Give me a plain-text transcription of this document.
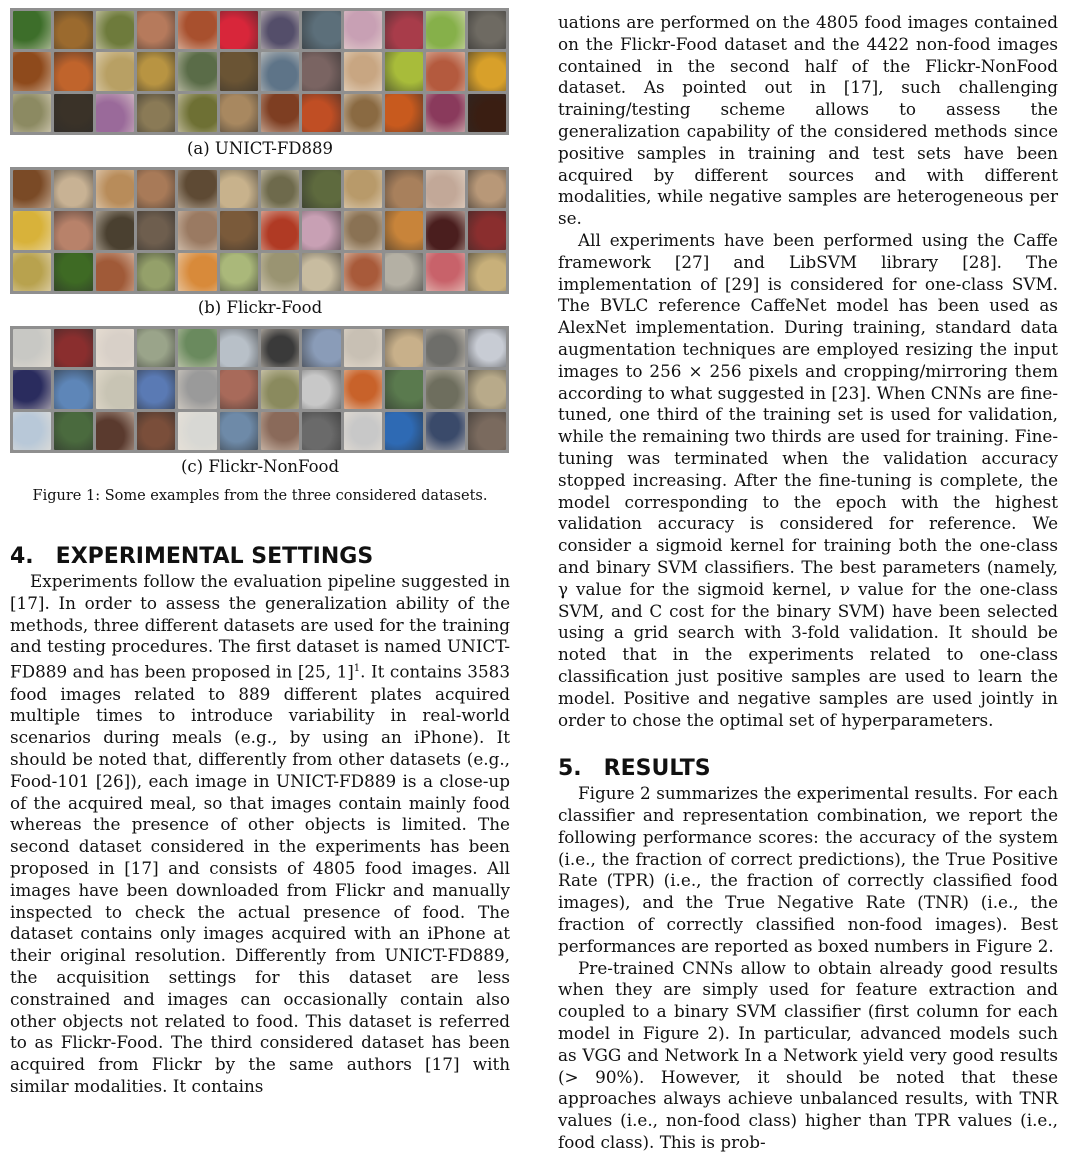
(a) UNICT-FD889
(b) Flickr-Food
(c) Flickr-NonFood
Figure 1: Some examples from the three considered datasets.
4. EXPERIMENTAL SETTINGS

Experiments follow the evaluation pipeline suggested in [17]. In order to assess the generalization ability of the methods, three different datasets are used for the training and testing procedures. The first dataset is named UNICT-FD889 and has been proposed in [25, 1]$^1$. It contains 3583 food images related to 889 different plates acquired multiple times to introduce variability in real-world scenarios during meals (e.g., by using an iPhone). It should be noted that, differently from other datasets (e.g., Food-101 [26]), each image in UNICT-FD889 is a close-up of the acquired meal, so that images contain mainly food whereas the presence of other objects is limited. The second dataset considered in the experiments has been proposed in [17] and consists of 4805 food images. All images have been downloaded from Flickr and manually inspected to check the actual presence of food. The dataset contains only images acquired with an iPhone at their original resolution. Differently from UNICT-FD889, the acquisition settings for this dataset are less constrained and images can occasionally contain also other objects not related to food. This dataset is referred to as Flickr-Food. The third considered dataset has been acquired from Flickr by the same authors [17] with similar modalities. It contains

uations are performed on the 4805 food images contained on the Flickr-Food dataset and the 4422 non-food images contained in the second half of the Flickr-NonFood dataset. As pointed out in [17], such challenging training/testing scheme allows to assess the generalization capability of the considered methods since positive samples in training and test sets have been acquired by different sources and with different modalities, while negative samples are heterogeneous per se.

All experiments have been performed using the Caffe framework [27] and LibSVM library [28]. The implementation of [29] is considered for one-class SVM. The BVLC reference CaffeNet model has been used as AlexNet implementation. During training, standard data augmentation techniques are employed resizing the input images to 256 × 256 pixels and cropping/mirroring them according to what suggested in [23]. When CNNs are fine-tuned, one third of the training set is used for validation, while the remaining two thirds are used for training. Fine-tuning was terminated when the validation accuracy stopped increasing. After the fine-tuning is complete, the model corresponding to the epoch with the highest validation accuracy is considered for reference. We consider a sigmoid kernel for training both the one-class and binary SVM classifiers. The best parameters (namely, γ value for the sigmoid kernel, ν value for the one-class SVM, and C cost for the binary SVM) have been selected using a grid search with 3-fold validation. It should be noted that in the experiments related to one-class classification just positive samples are used to learn the model. Positive and negative samples are used jointly in order to chose the optimal set of hyperparameters.

5. RESULTS

Figure 2 summarizes the experimental results. For each classifier and representation combination, we report the following performance scores: the accuracy of the system (i.e., the fraction of correct predictions), the True Positive Rate (TPR) (i.e., the fraction of correctly classified food images), and the True Negative Rate (TNR) (i.e., the fraction of correctly classified non-food images). Best performances are reported as boxed numbers in Figure 2.

Pre-trained CNNs allow to obtain already good results when they are simply used for feature extraction and coupled to a binary SVM classifier (first column for each model in Figure 2). In particular, advanced models such as VGG and Network In a Network yield very good results (> 90%). However, it should be noted that these approaches always achieve unbalanced results, with TNR values (i.e., non-food class) higher than TPR values (i.e., food class). This is prob-
